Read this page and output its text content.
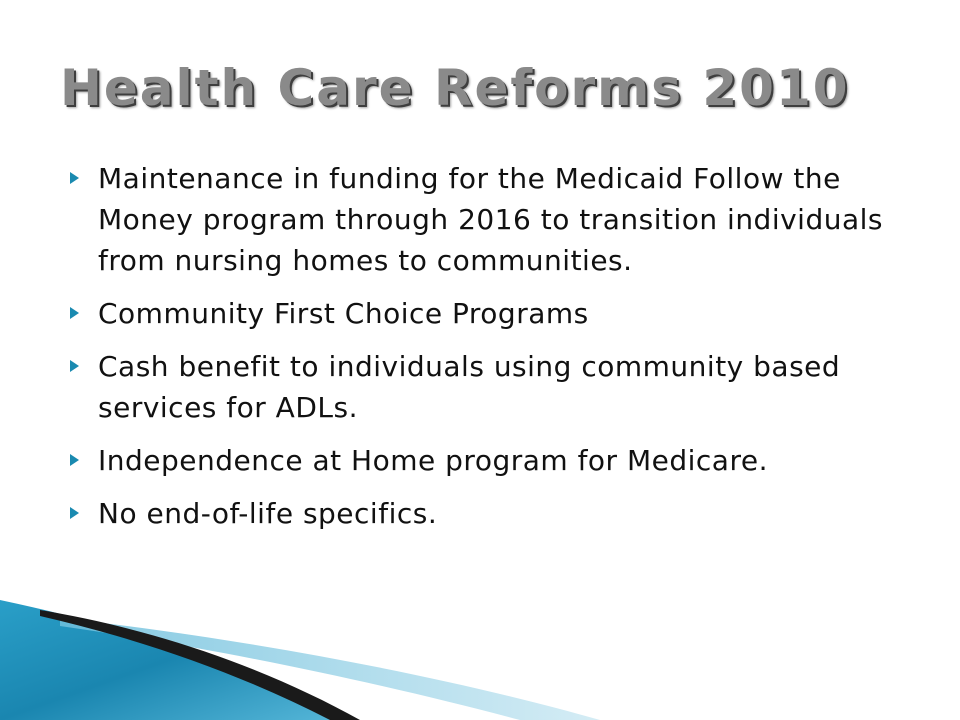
Health Care Reforms 2010
Maintenance in funding for the Medicaid Follow the Money program through 2016 to transition individuals from nursing homes to communities.
Community First Choice Programs
Cash benefit to individuals using community based services for ADLs.
Independence at Home program for Medicare.
No end-of-life specifics.
